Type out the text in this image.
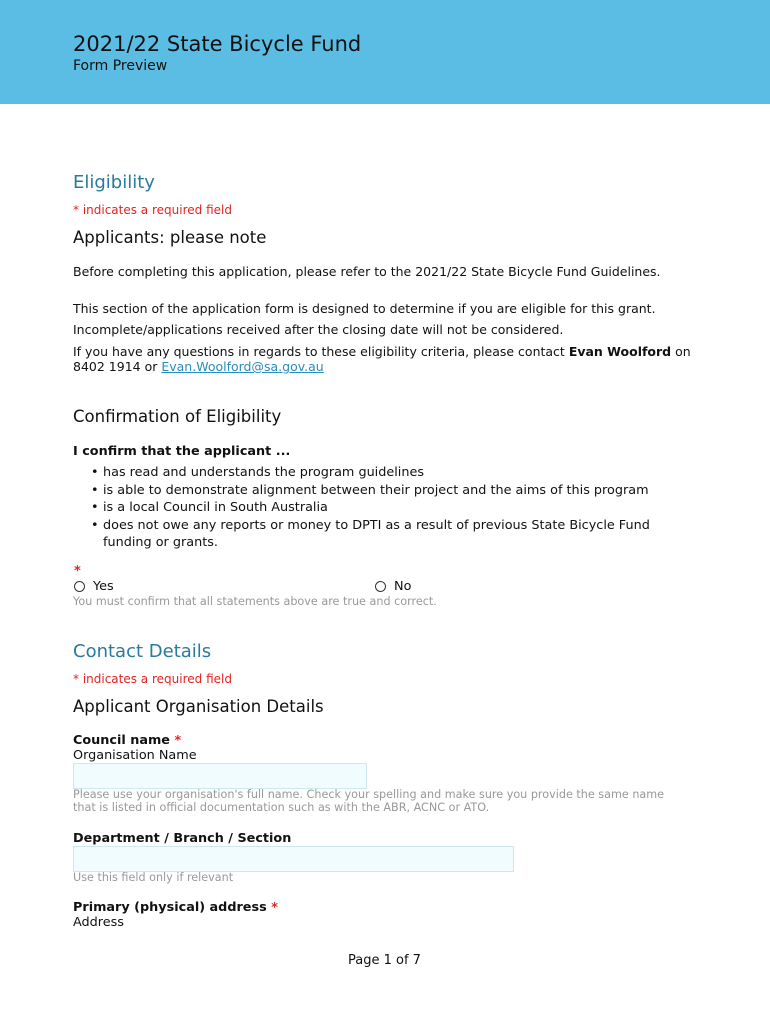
2021/22 State Bicycle Fund
Form Preview
Eligibility
* indicates a required field
Applicants: please note
Before completing this application, please refer to the 2021/22 State Bicycle Fund Guidelines.
This section of the application form is designed to determine if you are eligible for this grant.
Incomplete/applications received after the closing date will not be considered.
If you have any questions in regards to these eligibility criteria, please contact Evan Woolford on 8402 1914 or Evan.Woolford@sa.gov.au
Confirmation of Eligibility
I confirm that the applicant ...
• has read and understands the program guidelines
• is able to demonstrate alignment between their project and the aims of this program
• is a local Council in South Australia
• does not owe any reports or money to DPTI as a result of previous State Bicycle Fund funding or grants.
*
Yes	No
You must confirm that all statements above are true and correct.
Contact Details
* indicates a required field
Applicant Organisation Details
Council name *
Organisation Name
Please use your organisation's full name. Check your spelling and make sure you provide the same name that is listed in official documentation such as with the ABR, ACNC or ATO.
Department / Branch / Section
Use this field only if relevant
Primary (physical) address *
Address
Page 1 of 7
